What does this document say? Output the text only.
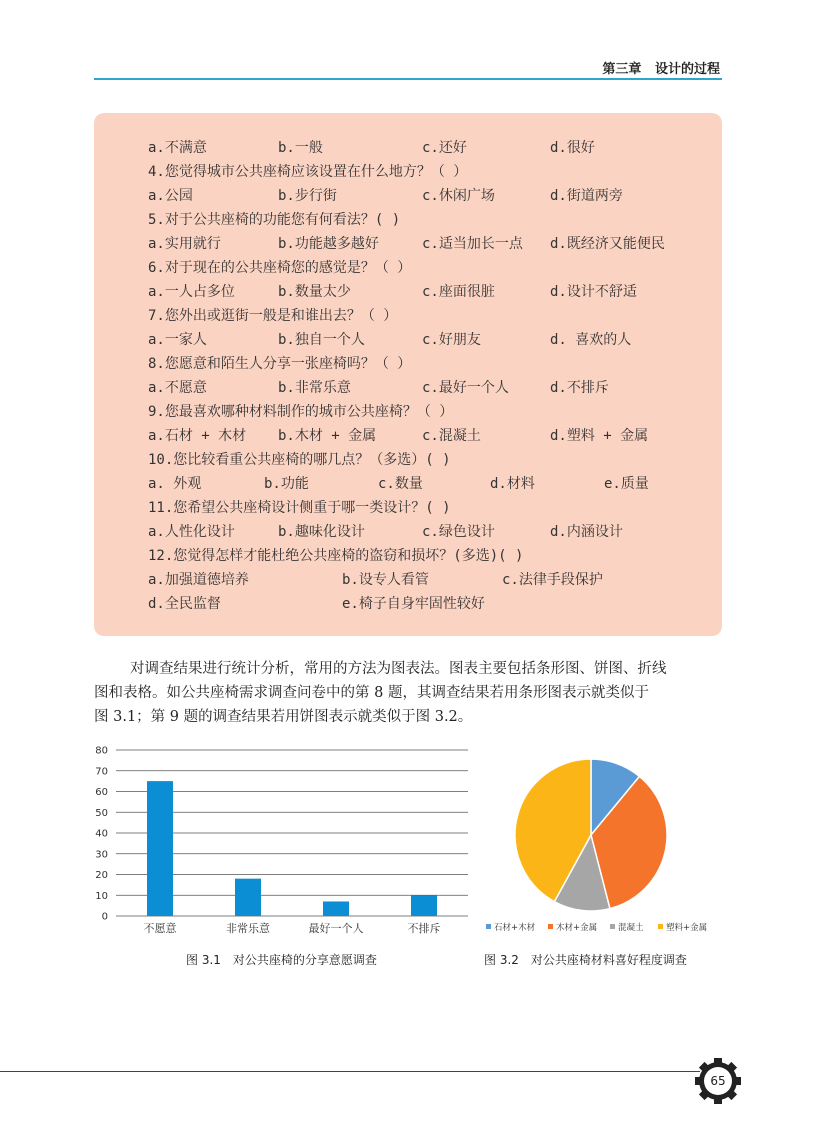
第三章 设计的过程
a.不满意	b.一般	c.还好	d.很好
4.您觉得城市公共座椅应该设置在什么地方？（ ）
a.公园	b.步行街	c.休闲广场	d.街道两旁
5.对于公共座椅的功能您有何看法？( )
a.实用就行	b.功能越多越好	c.适当加长一点 d.既经济又能便民
6.对于现在的公共座椅您的感觉是？（ ）
a.一人占多位	b.数量太少	c.座面很脏	d.设计不舒适
7.您外出或逛街一般是和谁出去？（ ）
a.一家人	b.独自一个人	c.好朋友	d. 喜欢的人
8.您愿意和陌生人分享一张座椅吗？（ ）
a.不愿意	b.非常乐意	c.最好一个人	d.不排斥
9.您最喜欢哪种材料制作的城市公共座椅？（ ）
a.石材 + 木材 b.木材 + 金属	c.混凝土	d.塑料 + 金属
10.您比较看重公共座椅的哪几点？（多选）( )
a. 外观	b.功能	c.数量	d.材料	e.质量
11.您希望公共座椅设计侧重于哪一类设计？( )
a.人性化设计	b.趣味化设计	c.绿色设计	d.内涵设计
12.您觉得怎样才能杜绝公共座椅的盗窃和损坏？(多选)( )
a.加强道德培养	b.设专人看管	c.法律手段保护
d.全民监督	e.椅子自身牢固性较好

对调查结果进行统计分析，常用的方法为图表法。图表主要包括条形图、饼图、折线

图和表格。如公共座椅需求调查问卷中的第 8 题，其调查结果若用条形图表示就类似于

图 3.1；第 9 题的调查结果若用饼图表示就类似于图 3.2。

0
10
20
30
40
50
60
70
80
不愿意	非常乐意	最好一个人	不排斥
图 3.1　对公共座椅的分享意愿调查
石材+木材 木材+金属 混凝土	塑料+金属
图 3.2　对公共座椅材料喜好程度调查
65
